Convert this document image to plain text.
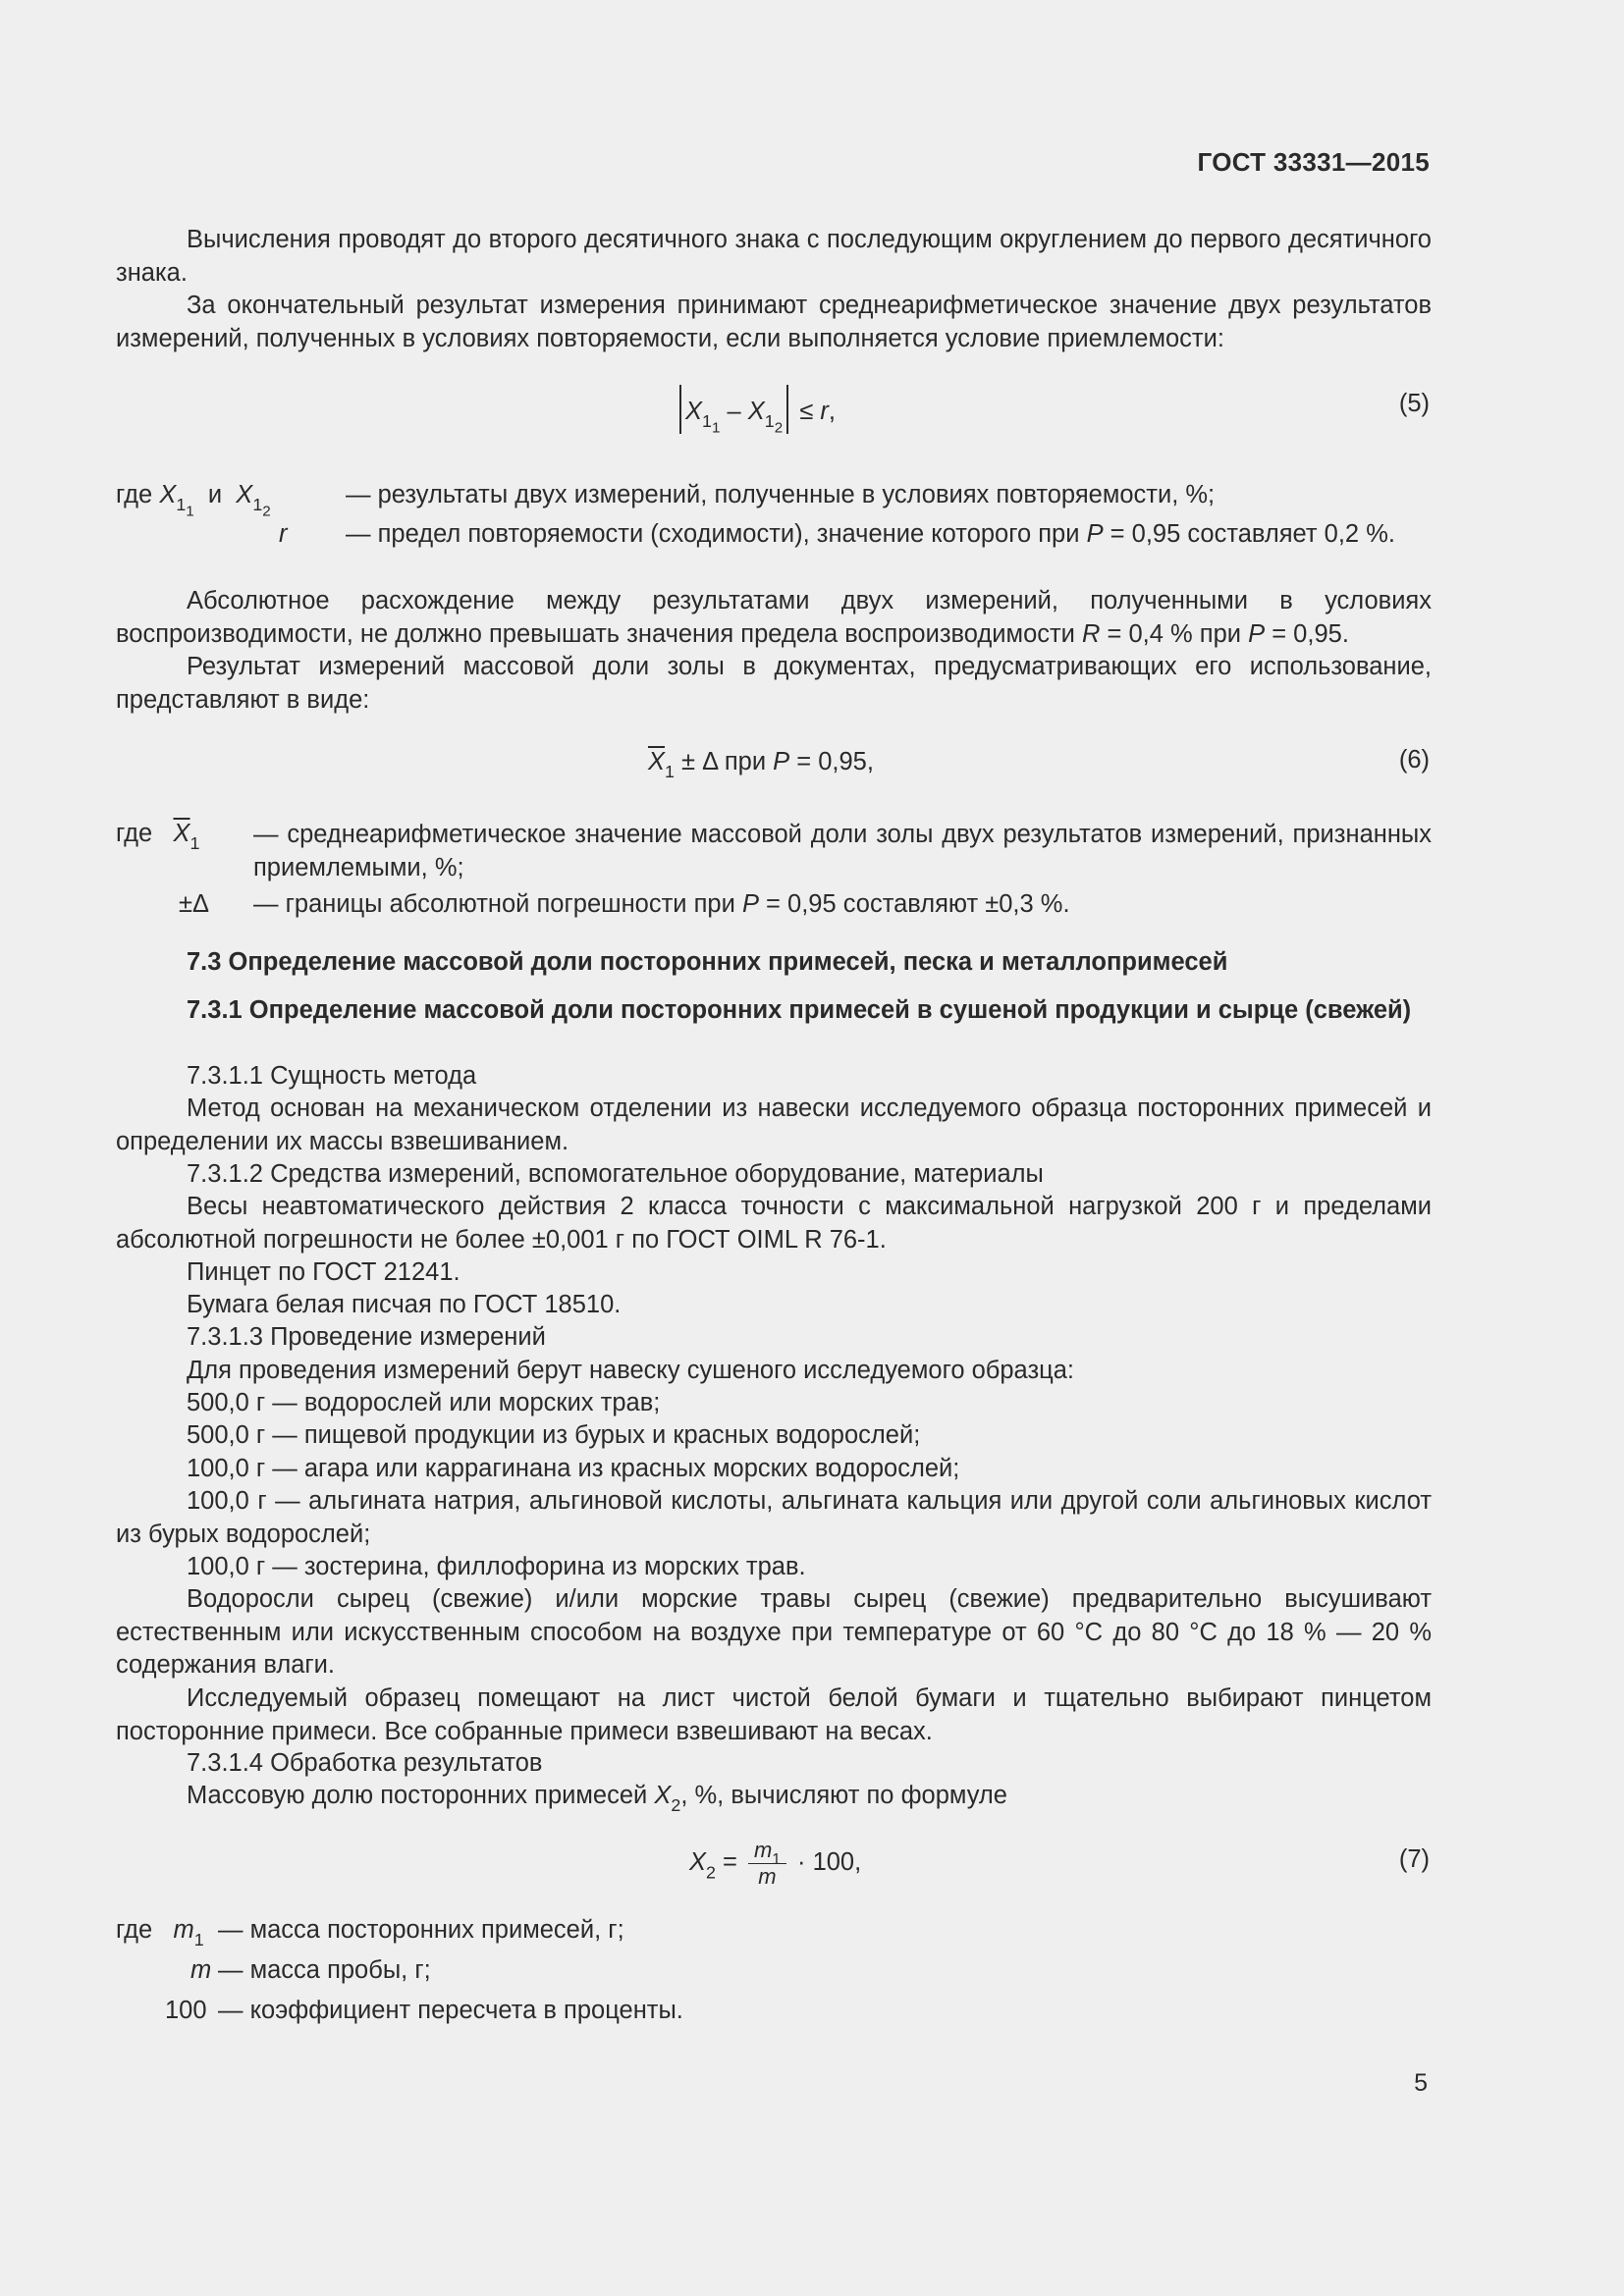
ГОСТ 33331—2015
Вычисления проводят до второго десятичного знака с последующим округлением до первого десятичного знака.
За окончательный результат измерения принимают среднеарифметическое значение двух результатов измерений, полученных в условиях повторяемости, если выполняется условие приемлемости:
$X_{1_1} - X_{1_2} \le r$,	(5)
где $X_{1_1}$  и $X_{1_2}$
— результаты двух измерений, полученные в условиях повторяемости, %;
r — предел повторяемости (сходимости), значение которого при P = 0,95 составляет 0,2 %.
Абсолютное расхождение между результатами двух измерений, полученными в условиях воспроизводимости, не должно превышать значения предела воспроизводимости R = 0,4 % при P = 0,95.
Результат измерений массовой доли золы в документах, предусматривающих его использование, представляют в виде:
$\overline{X}_1 \pm \Delta$ при P = 0,95,	(6)
где $\overline{X}_1$ — среднеарифметическое значение массовой доли золы двух результатов измерений, признанных приемлемыми, %;
±Δ — границы абсолютной погрешности при P = 0,95 составляют ±0,3 %.
7.3 Определение массовой доли посторонних примесей, песка и металлопримесей
7.3.1 Определение массовой доли посторонних примесей в сушеной продукции и сырце (свежей)
7.3.1.1 Сущность метода
Метод основан на механическом отделении из навески исследуемого образца посторонних примесей и определении их массы взвешиванием.
7.3.1.2 Средства измерений, вспомогательное оборудование, материалы
Весы неавтоматического действия 2 класса точности с максимальной нагрузкой 200 г и пределами абсолютной погрешности не более ±0,001 г по ГОСТ OIML R 76-1.
Пинцет по ГОСТ 21241.
Бумага белая писчая по ГОСТ 18510.
7.3.1.3 Проведение измерений
Для проведения измерений берут навеску сушеного исследуемого образца:
500,0 г — водорослей или морских трав;
500,0 г — пищевой продукции из бурых и красных водорослей;
100,0 г — агара или каррагинана из красных морских водорослей;
100,0 г — альгината натрия, альгиновой кислоты, альгината кальция или другой соли альгиновых кислот из бурых водорослей;
100,0 г — зостерина, филлофорина из морских трав.
Водоросли сырец (свежие) и/или морские травы сырец (свежие) предварительно высушивают естественным или искусственным способом на воздухе при температуре от 60 °С до 80 °С до 18 % — 20 % содержания влаги.
Исследуемый образец помещают на лист чистой белой бумаги и тщательно выбирают пинцетом посторонние примеси. Все собранные примеси взвешивают на весах.
7.3.1.4 Обработка результатов
Массовую долю посторонних примесей $X_2$, %, вычисляют по формуле
$X_2 = \frac{m_1}{m} \cdot 100$,	(7)
где $m_1$ — масса посторонних примесей, г;
m — масса пробы, г;
100 — коэффициент пересчета в проценты.
5
